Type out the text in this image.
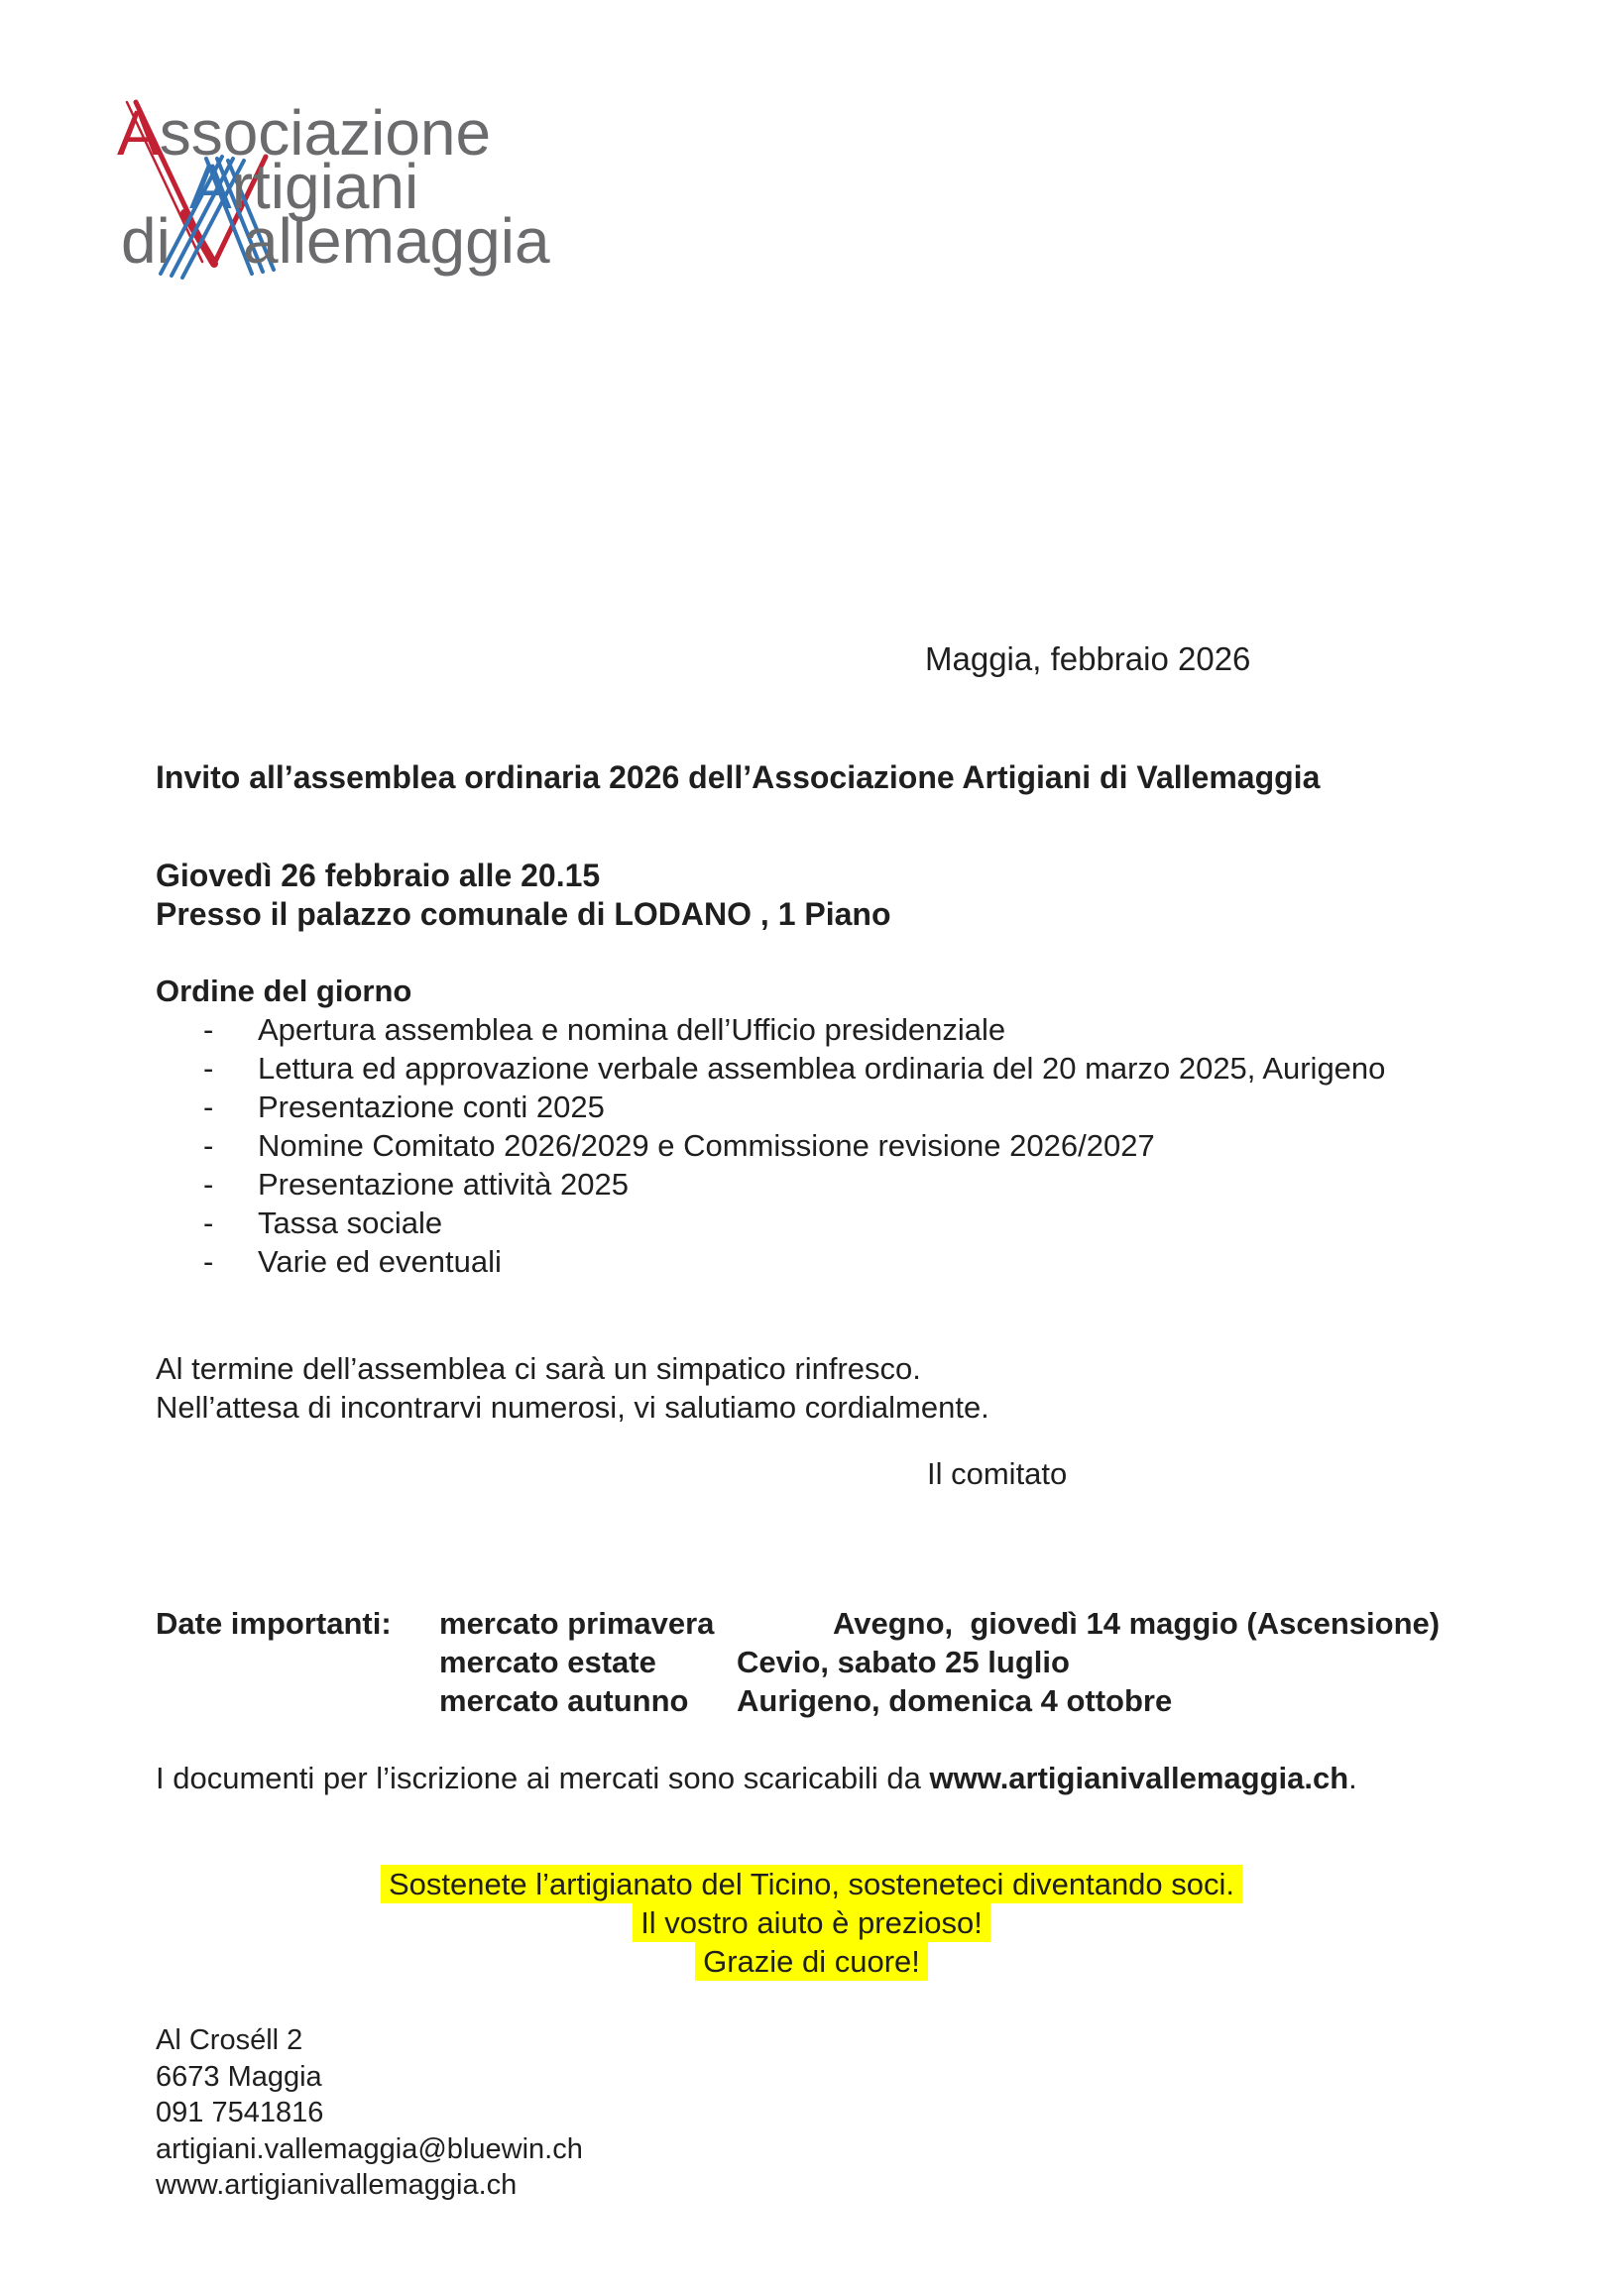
Associazione
Artigiani
di allemaggia
Maggia, febbraio 2026
Invito all’assemblea ordinaria 2026 dell’Associazione Artigiani di Vallemaggia
Giovedì 26 febbraio alle 20.15
Presso il palazzo comunale di LODANO , 1 Piano
Ordine del giorno
- Apertura assemblea e nomina dell’Ufficio presidenziale
- Lettura ed approvazione verbale assemblea ordinaria del 20 marzo 2025, Aurigeno
- Presentazione conti 2025
- Nomine Comitato 2026/2029 e Commissione revisione 2026/2027
- Presentazione attività 2025
- Tassa sociale
- Varie ed eventuali
Al termine dell’assemblea ci sarà un simpatico rinfresco.
Nell’attesa di incontrarvi numerosi, vi salutiamo cordialmente.
Il comitato
Date importanti: mercato primavera	Avegno,  giovedì 14 maggio (Ascensione)
mercato estate	Cevio, sabato 25 luglio
mercato autunno Aurigeno, domenica 4 ottobre
I documenti per l’iscrizione ai mercati sono scaricabili da www.artigianivallemaggia.ch.
Sostenete l’artigianato del Ticino, sosteneteci diventando soci.
Il vostro aiuto è prezioso!
Grazie di cuore!
Al Croséll 2
6673 Maggia
091 7541816
artigiani.vallemaggia@bluewin.ch
www.artigianivallemaggia.ch
